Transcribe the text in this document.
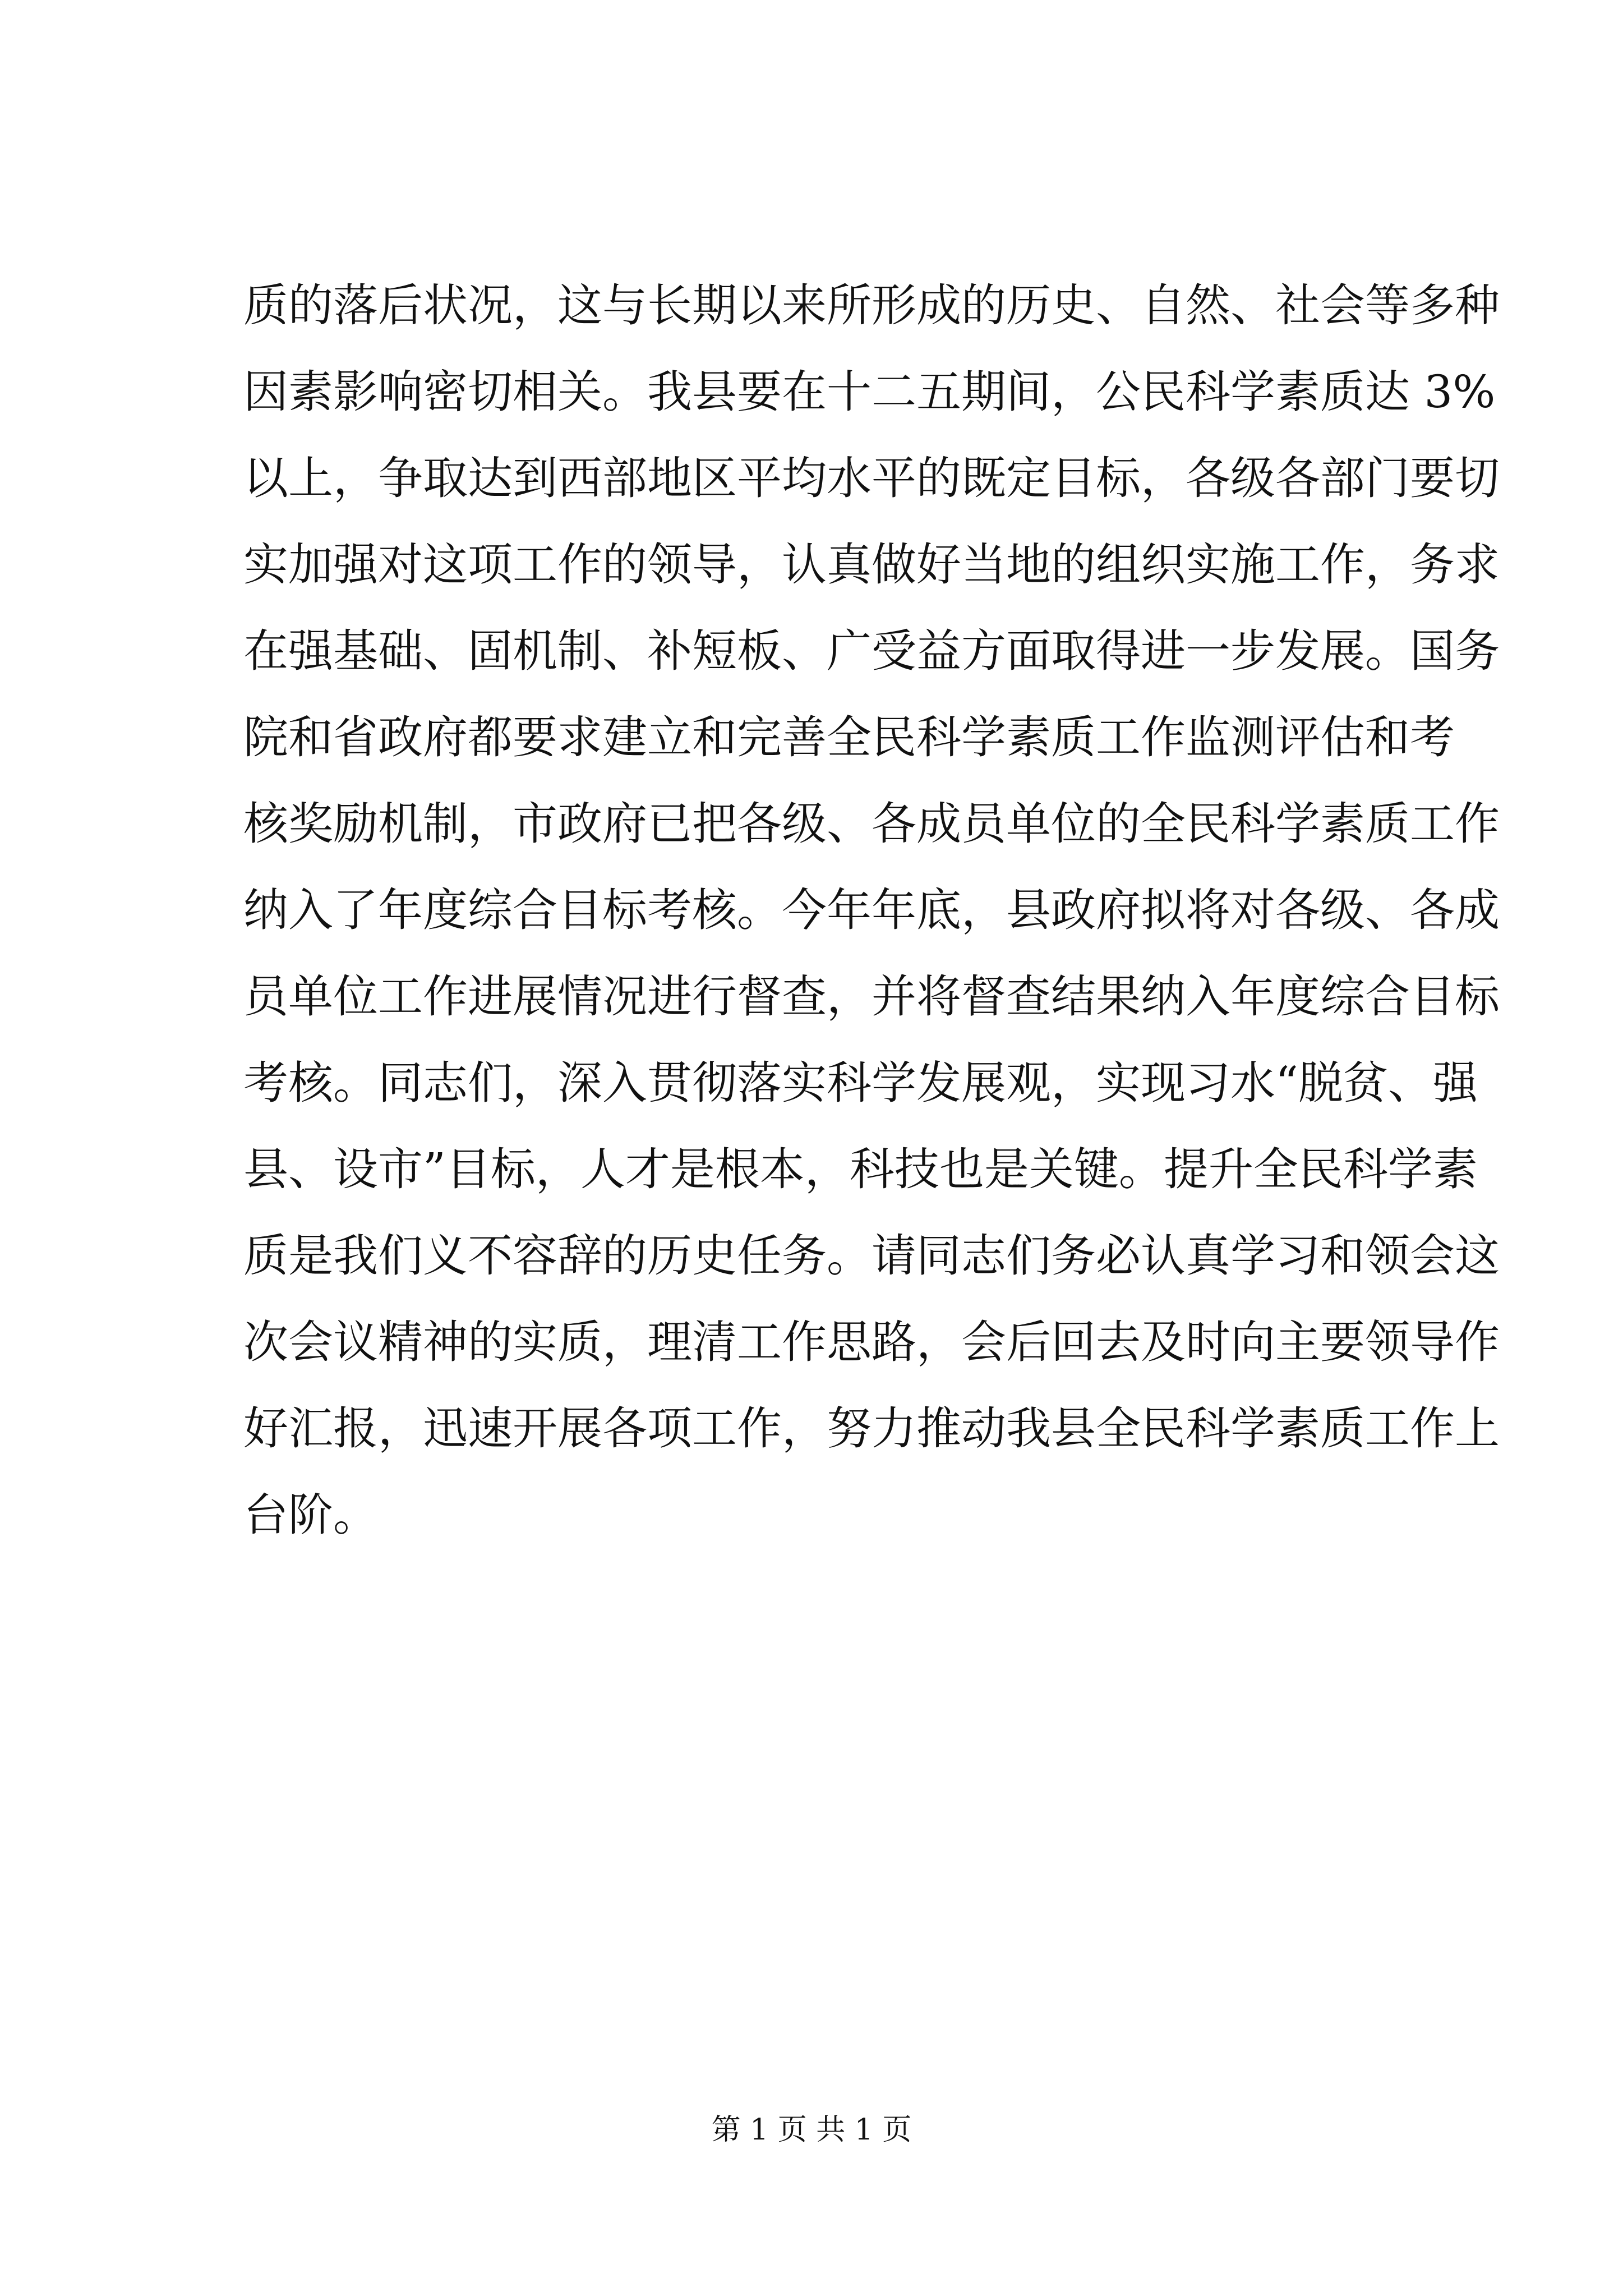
质的落后状况，这与长期以来所形成的历史、自然、社会等多种
因素影响密切相关。我县要在十二五期间，公民科学素质达 3%
以上，争取达到西部地区平均水平的既定目标，各级各部门要切
实加强对这项工作的领导，认真做好当地的组织实施工作，务求
在强基础、固机制、补短板、广受益方面取得进一步发展。国务
院和省政府都要求建立和完善全民科学素质工作监测评估和考
核奖励机制，市政府已把各级、各成员单位的全民科学素质工作
纳入了年度综合目标考核。今年年底，县政府拟将对各级、各成
员单位工作进展情况进行督查，并将督查结果纳入年度综合目标
考核。同志们，深入贯彻落实科学发展观，实现习水“脱贫、强
县、设市”目标，人才是根本，科技也是关键。提升全民科学素
质是我们义不容辞的历史任务。请同志们务必认真学习和领会这
次会议精神的实质，理清工作思路，会后回去及时向主要领导作
好汇报，迅速开展各项工作，努力推动我县全民科学素质工作上
台阶。
第 1 页 共 1 页
